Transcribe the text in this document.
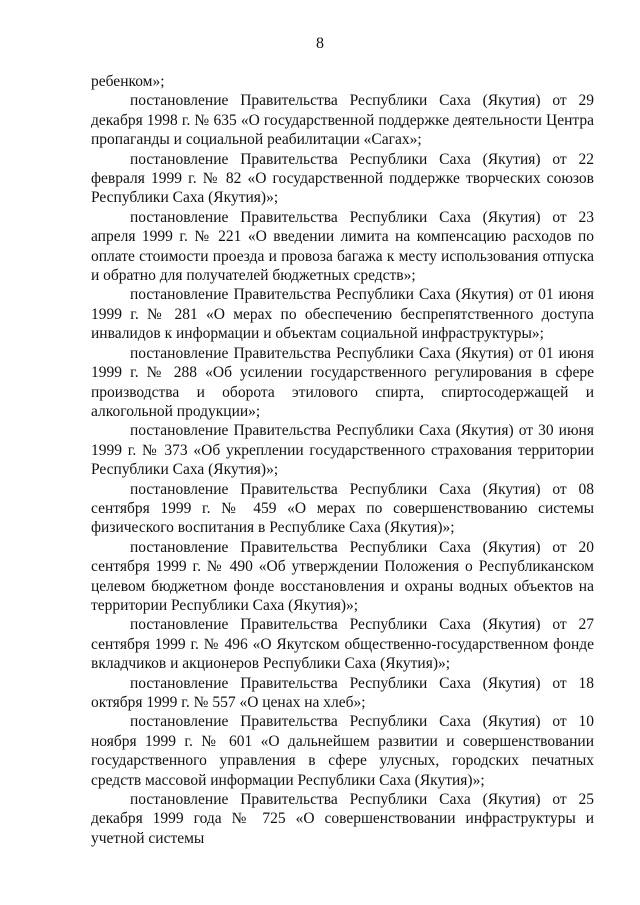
8

ребенком»;

постановление Правительства Республики Саха (Якутия) от 29 декабря 1998 г. № 635 «О государственной поддержке деятельности Центра пропаганды и социальной реабилитации «Сагах»;

постановление Правительства Республики Саха (Якутия) от 22 февраля 1999 г. № 82 «О государственной поддержке творческих союзов Республики Саха (Якутия)»;

постановление Правительства Республики Саха (Якутия) от 23 апреля 1999 г. № 221 «О введении лимита на компенсацию расходов по оплате стоимости проезда и провоза багажа к месту использования отпуска и обратно для получателей бюджетных средств»;

постановление Правительства Республики Саха (Якутия) от 01 июня 1999 г. № 281 «О мерах по обеспечению беспрепятственного доступа инвалидов к информации и объектам социальной инфраструктуры»;

постановление Правительства Республики Саха (Якутия) от 01 июня 1999 г. № 288 «Об усилении государственного регулирования в сфере производства и оборота этилового спирта, спиртосодержащей и алкогольной продукции»;

постановление Правительства Республики Саха (Якутия) от 30 июня 1999 г. № 373 «Об укреплении государственного страхования территории Республики Саха (Якутия)»;

постановление Правительства Республики Саха (Якутия) от 08 сентября 1999 г. № 459 «О мерах по совершенствованию системы физического воспитания в Республике Саха (Якутия)»;

постановление Правительства Республики Саха (Якутия) от 20 сентября 1999 г. № 490 «Об утверждении Положения о Республиканском целевом бюджетном фонде восстановления и охраны водных объектов на территории Республики Саха (Якутия)»;

постановление Правительства Республики Саха (Якутия) от 27 сентября 1999 г. № 496 «О Якутском общественно-государственном фонде вкладчиков и акционеров Республики Саха (Якутия)»;

постановление Правительства Республики Саха (Якутия) от 18 октября 1999 г. № 557 «О ценах на хлеб»;

постановление Правительства Республики Саха (Якутия) от 10 ноября 1999 г. № 601 «О дальнейшем развитии и совершенствовании государственного управления в сфере улусных, городских печатных средств массовой информации Республики Саха (Якутия)»;

постановление Правительства Республики Саха (Якутия) от 25 декабря 1999 года № 725 «О совершенствовании инфраструктуры и учетной системы
